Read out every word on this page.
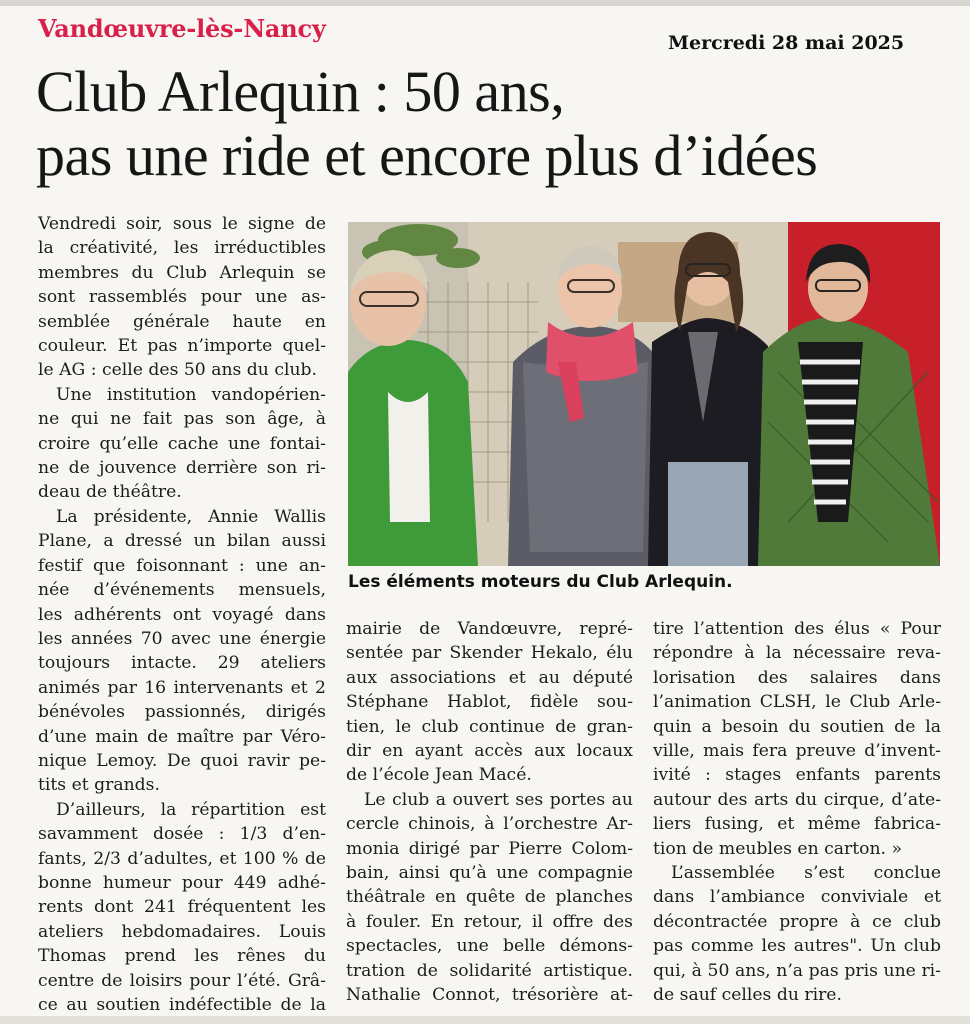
Vandœuvre-lès-Nancy	Mercredi 28 mai 2025
Club Arlequin : 50 ans,
pas une ride et encore plus d’idées
Les éléments moteurs du Club Arlequin.

Vendredi soir, sous le signe de
la créativité, les irréductibles
membres du Club Arlequin se
sont rassemblés pour une as-
semblée générale haute en
couleur. Et pas n’importe quel-
le AG : celle des 50 ans du club.

Une institution vandopérien-
ne qui ne fait pas son âge, à
croire qu’elle cache une fontai-
ne de jouvence derrière son ri-
deau de théâtre.

La présidente, Annie Wallis
Plane, a dressé un bilan aussi
festif que foisonnant : une an-
née d’événements mensuels,
les adhérents ont voyagé dans
les années 70 avec une énergie
toujours intacte. 29 ateliers
animés par 16 intervenants et 2
bénévoles passionnés, dirigés
d’une main de maître par Véro-
nique Lemoy. De quoi ravir pe-
tits et grands.

D’ailleurs, la répartition est
savamment dosée : 1/3 d’en-
fants, 2/3 d’adultes, et 100 % de
bonne humeur pour 449 adhé-
rents dont 241 fréquentent les
ateliers hebdomadaires. Louis
Thomas prend les rênes du
centre de loisirs pour l’été. Grâ-
ce au soutien indéfectible de la

mairie de Vandœuvre, repré-
sentée par Skender Hekalo, élu
aux associations et au député
Stéphane Hablot, fidèle sou-
tien, le club continue de gran-
dir en ayant accès aux locaux
de l’école Jean Macé.

Le club a ouvert ses portes au
cercle chinois, à l’orchestre Ar-
monia dirigé par Pierre Colom-
bain, ainsi qu’à une compagnie
théâtrale en quête de planches
à fouler. En retour, il offre des
spectacles, une belle démons-
tration de solidarité artistique.
Nathalie Connot, trésorière at-

tire l’attention des élus « Pour
répondre à la nécessaire reva-
lorisation des salaires dans
l’animation CLSH, le Club Arle-
quin a besoin du soutien de la
ville, mais fera preuve d’invent-
ivité : stages enfants parents
autour des arts du cirque, d’ate-
liers fusing, et même fabrica-
tion de meubles en carton. »

L’assemblée s’est conclue
dans l’ambiance conviviale et
décontractée propre à ce club
pas comme les autres". Un club
qui, à 50 ans, n’a pas pris une ri-
de sauf celles du rire.
